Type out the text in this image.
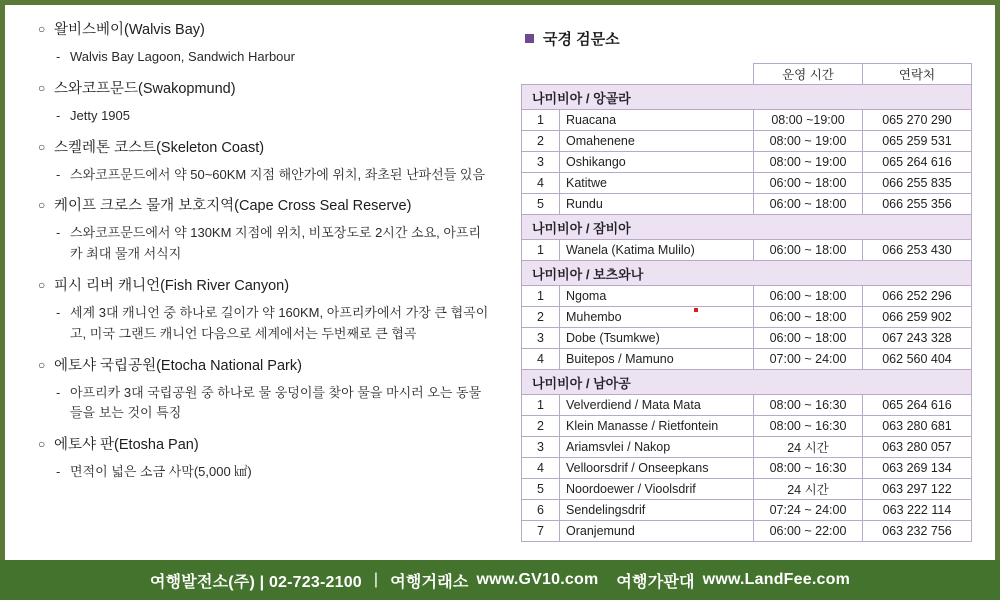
○ 왈비스베이(Walvis Bay)
- Walvis Bay Lagoon, Sandwich Harbour
○ 스와코프문드(Swakopmund)
- Jetty 1905
○ 스켈레톤 코스트(Skeleton Coast)
- 스와코프문드에서 약 50~60KM 지점 해안가에 위치, 좌초된 난파선들 있음
○ 케이프 크로스 물개 보호지역(Cape Cross Seal Reserve)
- 스와코프문드에서 약 130KM 지점에 위치, 비포장도로 2시간 소요, 아프리카 최대 물개 서식지
○ 피시 리버 캐니언(Fish River Canyon)
- 세계 3대 캐니언 중 하나로 길이가 약 160KM, 아프리카에서 가장 큰 협곡이고, 미국 그랜드 캐니언 다음으로 세계에서는 두번째로 큰 협곡
○ 에토샤 국립공원(Etocha National Park)
- 아프리카 3대 국립공원 중 하나로 물 웅덩이를 찾아 물을 마시러 오는 동물들을 보는 것이 특징
○ 에토샤 판(Etosha Pan)
- 면적이 넓은 소금 사막(5,000 ㎢)
국경 검문소
		운영 시간	연락처
나미비아 / 앙골라			
1	Ruacana	08:00 ~19:00	065 270 290
2	Omahenene	08:00 ~ 19:00	065 259 531
3	Oshikango	08:00 ~ 19:00	065 264 616
4	Katitwe	06:00 ~ 18:00	066 255 835
5	Rundu	06:00 ~ 18:00	066 255 356
나미비아 / 잠비아			
1	Wanela (Katima Mulilo)	06:00 ~ 18:00	066 253 430
나미비아 / 보츠와나			
1	Ngoma	06:00 ~ 18:00	066 252 296
2	Muhembo	06:00 ~ 18:00	066 259 902
3	Dobe (Tsumkwe)	06:00 ~ 18:00	067 243 328
4	Buitepos / Mamuno	07:00 ~ 24:00	062 560 404
나미비아 / 남아공			
1	Velverdiend / Mata Mata	08:00 ~ 16:30	065 264 616
2	Klein Manasse / Rietfontein	08:00 ~ 16:30	063 280 681
3	Ariamsvlei / Nakop	24 시간	063 280 057
4	Velloorsdrif / Onseepkans	08:00 ~ 16:30	063 269 134
5	Noordoewer / Vioolsdrif	24 시간	063 297 122
6	Sendelingsdrif	07:24 ~ 24:00	063 222 114
7	Oranjemund	06:00 ~ 22:00	063 232 756
여행발전소(주) | 02-723-2100 | 여행거래소 www.GV10.com 여행가판대 www.LandFee.com
